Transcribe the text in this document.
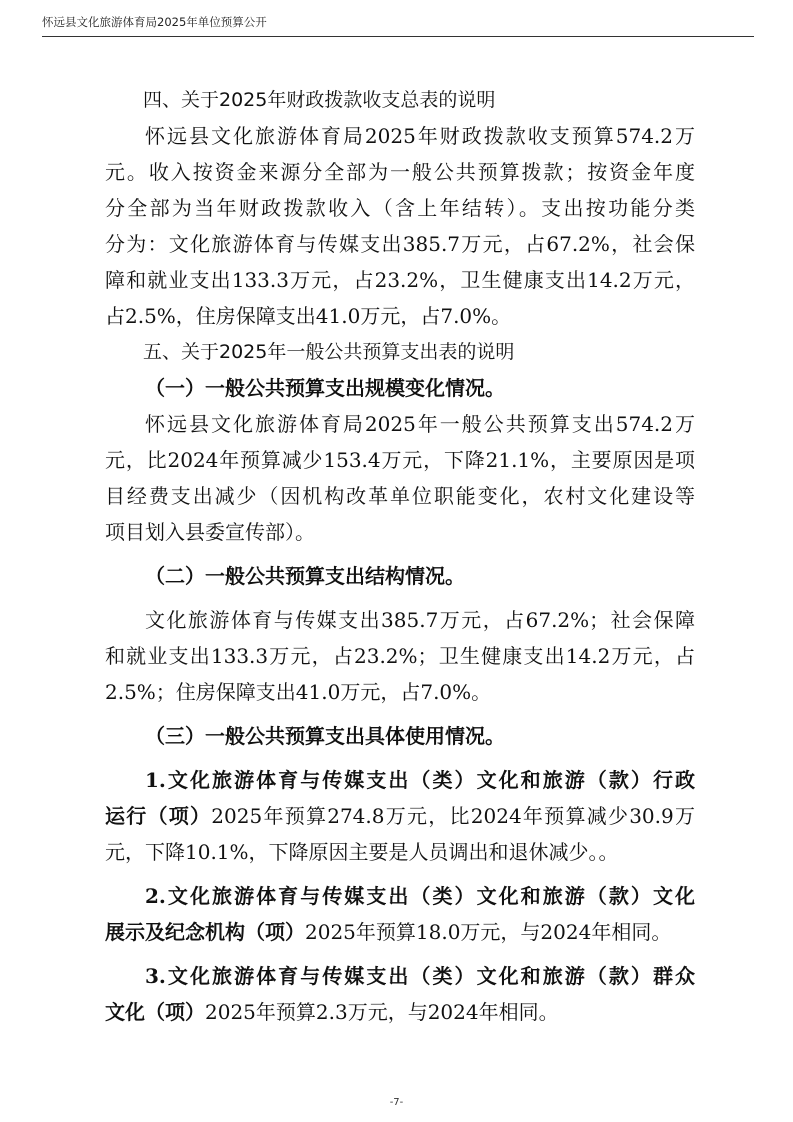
怀远县文化旅游体育局2025年单位预算公开
四、关于2025年财政拨款收支总表的说明
怀远县文化旅游体育局2025年财政拨款收支预算574.2万
元。收入按资金来源分全部为一般公共预算拨款；按资金年度
分全部为当年财政拨款收入（含上年结转）。支出按功能分类
分为：文化旅游体育与传媒支出385.7万元，占67.2%，社会保
障和就业支出133.3万元，占23.2%，卫生健康支出14.2万元，
占2.5%，住房保障支出41.0万元，占7.0%。
五、关于2025年一般公共预算支出表的说明
（一）一般公共预算支出规模变化情况。
怀远县文化旅游体育局2025年一般公共预算支出574.2万
元，比2024年预算减少153.4万元，下降21.1%，主要原因是项
目经费支出减少（因机构改革单位职能变化，农村文化建设等
项目划入县委宣传部）。
（二）一般公共预算支出结构情况。
文化旅游体育与传媒支出385.7万元，占67.2%；社会保障
和就业支出133.3万元，占23.2%；卫生健康支出14.2万元，占
2.5%；住房保障支出41.0万元，占7.0%。
（三）一般公共预算支出具体使用情况。
1.文化旅游体育与传媒支出（类）文化和旅游（款）行政
运行（项）2025年预算274.8万元，比2024年预算减少30.9万
元，下降10.1%，下降原因主要是人员调出和退休减少。。
2.文化旅游体育与传媒支出（类）文化和旅游（款）文化
展示及纪念机构（项）2025年预算18.0万元，与2024年相同。
3.文化旅游体育与传媒支出（类）文化和旅游（款）群众
文化（项）2025年预算2.3万元，与2024年相同。
-7-
